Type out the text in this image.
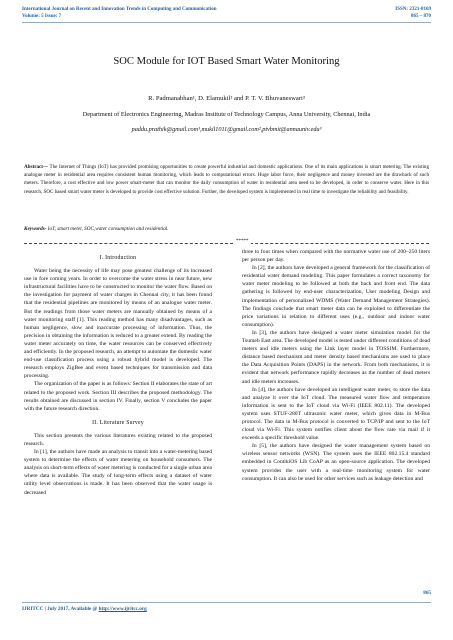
International Journal on Recent and Innovation Trends in Computing and Communication
Volume: 5 Issue: 7
ISSN: 2321-8169
865 – 870
SOC Module for IOT Based Smart Water Monitoring
R. Padmanabhan¹, D. Elamukil² and P. T. V. Bhuvaneswari³
Department of Electronics Engineering, Madras Institute of Technology Campus, Anna University, Chennai, India
paddu.prathik@gmail.com¹,mukil1011@gmail.com²,ptvbmit@annauniv.edu³
Abstract— The Internet of Things (IoT) has provided promising opportunities to create powerful industrial and domestic applications. One of its main applications is smart metering. The existing analogue meter in residential area requires consistent human monitoring, which leads to computational errors. Huge labor force, their negligence and money invested are the drawback of such meters. Therefore, a cost effective and low power smart-meter that can monitor the daily consumption of water in residential area need to be developed, in order to conserve water. Here in this research, SOC based smart water meter is developed to provide cost effective solution. Further, the developed system is implemented in real time to investigate the reliability and feasibility.
Keywords- IoT, smart meter, SOC,water consumption and residential.
*****
I. Introduction

Water being the necessity of life may pose greatest challenge of its increased use in fore coming years. In order to overcome the water stress in near future, new infrastructural facilities have to be constructed to monitor the water flow. Based on the investigation for payment of water charges in Chennai city, it has been found that the residential pipelines are monitored by means of an analogue water meter. But the readings from those water meters are manually obtained by means of a water monitoring staff [1]. This reading method has many disadvantages, such as human negligence, slow and inaccurate processing of information. Thus, the precision in obtaining the information is reduced to a greater extend. By reading the water meter accurately on time, the water resources can be conserved effectively and efficiently. In the proposed research, an attempt to automate the domestic water end-use classification process using a robust hybrid model is developed. The research employs ZigBee and event based techniques for transmission and data processing.

The organization of the paper is as follows: Section II elaborates the state of art related to the proposed work. Section III describes the proposed methodology. The results obtained are discussed in section IV. Finally, section V concludes the paper with the future research direction.

II. Literature Survey

This section presents the various literatures existing related to the proposed research.

In [1], the authors have made an analysis to transit into a water-metering based system to determine the effects of water metering on household consumers. The analysis on short-term effects of water metering is conducted for a single urban area where data is available. The study of long-term effects using a dataset of water utility level observations is made. It has been observed that the water usage is decreased

three to four times when compared with the normative water use of 200–250 liters per person per day.

In [2], the authors have developed a general framework for the classification of residential water demand modeling. This paper formulates a correct taxonomy for water meter modeling to be followed at both the back and front end. The data gathering is followed by end-user characterization, User modeling Design and implementation of personalized WDMS (Water Demand Management Strategies). The findings conclude that smart meter data can be exploited to differentiate the price variations in relation to different uses (e.g., outdoor and indoor water consumption).

In [3], the authors have designed a water meter simulation model for the Tsumeb East area. The developed model is tested under different conditions of dead meters and idle meters using the Link layer model in TOSSIM. Furthermore, distance based mechanism and meter density based mechanisms are used to place the Data Acquisition Points (DAPS) in the network. From both mechanisms, it is evident that network performance rapidly decreases as the number of dead meters and idle meters increases.

In [4], the authors have developed an intelligent water meter, to store the data and analyze it over the IoT cloud. The measured water flow and temperature information is sent to the IoT cloud via Wi-Fi (IEEE 802.11). The developed system uses STUF-280T ultrasonic water meter, which gives data in M-Bus protocol. The data in M-Bus protocol is converted to TCP/IP and sent to the IoT cloud via Wi-Fi. This system notifies client about the flow rate via mail if it exceeds a specific threshold value.

In [5], the authors have designed the water management system based on wireless sensor networks (WSN). The system uses the IEEE 802.15.4 standard embedded in ContikiOS Lib CoAP as an open-source application. The developed system provides the user with a real-time monitoring system for water consumption. It can also be used for other services such as leakage detection and

865
IJRITCC | July 2017, Available @ http://www.ijritcc.org
